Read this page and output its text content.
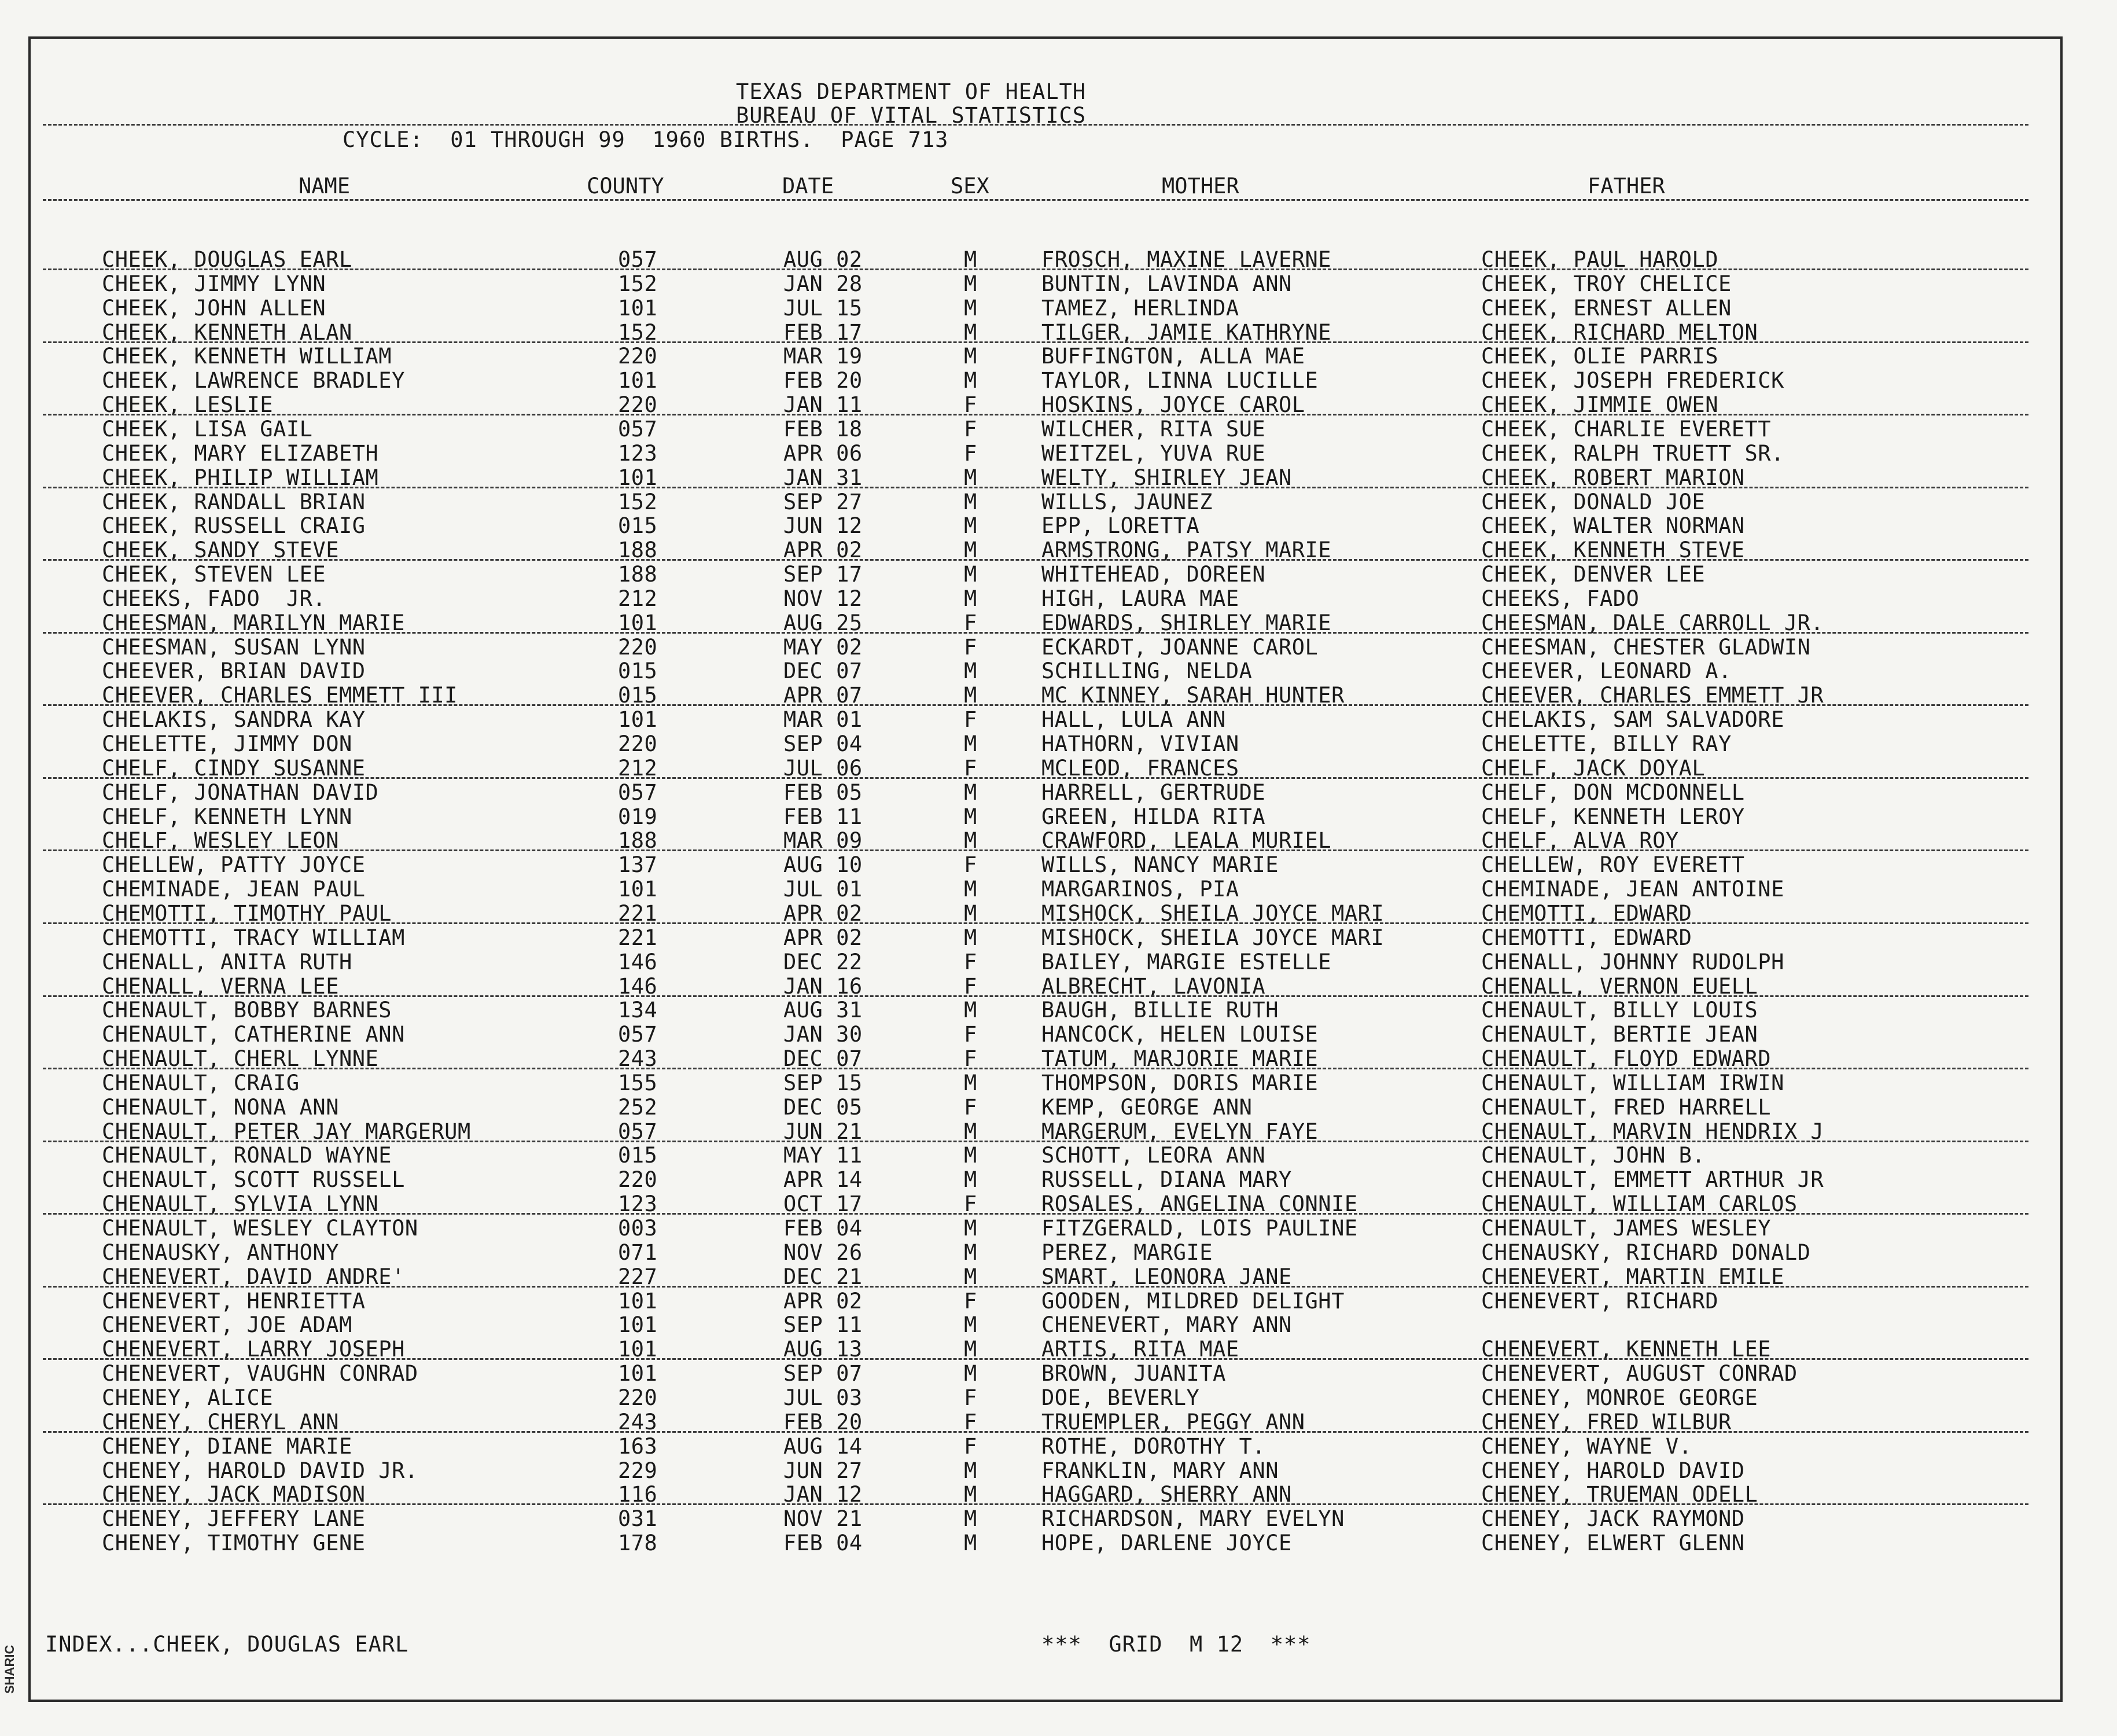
SHARIC
TEXAS DEPARTMENT OF HEALTH
BUREAU OF VITAL STATISTICS
CYCLE:  01 THROUGH 99  1960 BIRTHS.  PAGE 713
NAME	COUNTY	DATE	SEX	MOTHER	FATHER
CHEEK, DOUGLAS EARL	057	AUG 02	M	FROSCH, MAXINE LAVERNE	CHEEK, PAUL HAROLD
CHEEK, JIMMY LYNN	152	JAN 28	M	BUNTIN, LAVINDA ANN	CHEEK, TROY CHELICE
CHEEK, JOHN ALLEN	101	JUL 15	M	TAMEZ, HERLINDA	CHEEK, ERNEST ALLEN
CHEEK, KENNETH ALAN	152	FEB 17	M	TILGER, JAMIE KATHRYNE	CHEEK, RICHARD MELTON
CHEEK, KENNETH WILLIAM	220	MAR 19	M	BUFFINGTON, ALLA MAE	CHEEK, OLIE PARRIS
CHEEK, LAWRENCE BRADLEY	101	FEB 20	M	TAYLOR, LINNA LUCILLE	CHEEK, JOSEPH FREDERICK
CHEEK, LESLIE	220	JAN 11	F	HOSKINS, JOYCE CAROL	CHEEK, JIMMIE OWEN
CHEEK, LISA GAIL	057	FEB 18	F	WILCHER, RITA SUE	CHEEK, CHARLIE EVERETT
CHEEK, MARY ELIZABETH	123	APR 06	F	WEITZEL, YUVA RUE	CHEEK, RALPH TRUETT SR.
CHEEK, PHILIP WILLIAM	101	JAN 31	M	WELTY, SHIRLEY JEAN	CHEEK, ROBERT MARION
CHEEK, RANDALL BRIAN	152	SEP 27	M	WILLS, JAUNEZ	CHEEK, DONALD JOE
CHEEK, RUSSELL CRAIG	015	JUN 12	M	EPP, LORETTA	CHEEK, WALTER NORMAN
CHEEK, SANDY STEVE	188	APR 02	M	ARMSTRONG, PATSY MARIE	CHEEK, KENNETH STEVE
CHEEK, STEVEN LEE	188	SEP 17	M	WHITEHEAD, DOREEN	CHEEK, DENVER LEE
CHEEKS, FADO  JR.	212	NOV 12	M	HIGH, LAURA MAE	CHEEKS, FADO
CHEESMAN, MARILYN MARIE	101	AUG 25	F	EDWARDS, SHIRLEY MARIE	CHEESMAN, DALE CARROLL JR.
CHEESMAN, SUSAN LYNN	220	MAY 02	F	ECKARDT, JOANNE CAROL	CHEESMAN, CHESTER GLADWIN
CHEEVER, BRIAN DAVID	015	DEC 07	M	SCHILLING, NELDA	CHEEVER, LEONARD A.
CHEEVER, CHARLES EMMETT III	015	APR 07	M	MC KINNEY, SARAH HUNTER	CHEEVER, CHARLES EMMETT JR
CHELAKIS, SANDRA KAY	101	MAR 01	F	HALL, LULA ANN	CHELAKIS, SAM SALVADORE
CHELETTE, JIMMY DON	220	SEP 04	M	HATHORN, VIVIAN	CHELETTE, BILLY RAY
CHELF, CINDY SUSANNE	212	JUL 06	F	MCLEOD, FRANCES	CHELF, JACK DOYAL
CHELF, JONATHAN DAVID	057	FEB 05	M	HARRELL, GERTRUDE	CHELF, DON MCDONNELL
CHELF, KENNETH LYNN	019	FEB 11	M	GREEN, HILDA RITA	CHELF, KENNETH LEROY
CHELF, WESLEY LEON	188	MAR 09	M	CRAWFORD, LEALA MURIEL	CHELF, ALVA ROY
CHELLEW, PATTY JOYCE	137	AUG 10	F	WILLS, NANCY MARIE	CHELLEW, ROY EVERETT
CHEMINADE, JEAN PAUL	101	JUL 01	M	MARGARINOS, PIA	CHEMINADE, JEAN ANTOINE
CHEMOTTI, TIMOTHY PAUL	221	APR 02	M	MISHOCK, SHEILA JOYCE MARI	CHEMOTTI, EDWARD
CHEMOTTI, TRACY WILLIAM	221	APR 02	M	MISHOCK, SHEILA JOYCE MARI	CHEMOTTI, EDWARD
CHENALL, ANITA RUTH	146	DEC 22	F	BAILEY, MARGIE ESTELLE	CHENALL, JOHNNY RUDOLPH
CHENALL, VERNA LEE	146	JAN 16	F	ALBRECHT, LAVONIA	CHENALL, VERNON EUELL
CHENAULT, BOBBY BARNES	134	AUG 31	M	BAUGH, BILLIE RUTH	CHENAULT, BILLY LOUIS
CHENAULT, CATHERINE ANN	057	JAN 30	F	HANCOCK, HELEN LOUISE	CHENAULT, BERTIE JEAN
CHENAULT, CHERL LYNNE	243	DEC 07	F	TATUM, MARJORIE MARIE	CHENAULT, FLOYD EDWARD
CHENAULT, CRAIG	155	SEP 15	M	THOMPSON, DORIS MARIE	CHENAULT, WILLIAM IRWIN
CHENAULT, NONA ANN	252	DEC 05	F	KEMP, GEORGE ANN	CHENAULT, FRED HARRELL
CHENAULT, PETER JAY MARGERUM	057	JUN 21	M	MARGERUM, EVELYN FAYE	CHENAULT, MARVIN HENDRIX J
CHENAULT, RONALD WAYNE	015	MAY 11	M	SCHOTT, LEORA ANN	CHENAULT, JOHN B.
CHENAULT, SCOTT RUSSELL	220	APR 14	M	RUSSELL, DIANA MARY	CHENAULT, EMMETT ARTHUR JR
CHENAULT, SYLVIA LYNN	123	OCT 17	F	ROSALES, ANGELINA CONNIE	CHENAULT, WILLIAM CARLOS
CHENAULT, WESLEY CLAYTON	003	FEB 04	M	FITZGERALD, LOIS PAULINE	CHENAULT, JAMES WESLEY
CHENAUSKY, ANTHONY	071	NOV 26	M	PEREZ, MARGIE	CHENAUSKY, RICHARD DONALD
CHENEVERT, DAVID ANDRE'	227	DEC 21	M	SMART, LEONORA JANE	CHENEVERT, MARTIN EMILE
CHENEVERT, HENRIETTA	101	APR 02	F	GOODEN, MILDRED DELIGHT	CHENEVERT, RICHARD
CHENEVERT, JOE ADAM	101	SEP 11	M	CHENEVERT, MARY ANN
CHENEVERT, LARRY JOSEPH	101	AUG 13	M	ARTIS, RITA MAE	CHENEVERT, KENNETH LEE
CHENEVERT, VAUGHN CONRAD	101	SEP 07	M	BROWN, JUANITA	CHENEVERT, AUGUST CONRAD
CHENEY, ALICE	220	JUL 03	F	DOE, BEVERLY	CHENEY, MONROE GEORGE
CHENEY, CHERYL ANN	243	FEB 20	F	TRUEMPLER, PEGGY ANN	CHENEY, FRED WILBUR
CHENEY, DIANE MARIE	163	AUG 14	F	ROTHE, DOROTHY T.	CHENEY, WAYNE V.
CHENEY, HAROLD DAVID JR.	229	JUN 27	M	FRANKLIN, MARY ANN	CHENEY, HAROLD DAVID
CHENEY, JACK MADISON	116	JAN 12	M	HAGGARD, SHERRY ANN	CHENEY, TRUEMAN ODELL
CHENEY, JEFFERY LANE	031	NOV 21	M	RICHARDSON, MARY EVELYN	CHENEY, JACK RAYMOND
CHENEY, TIMOTHY GENE	178	FEB 04	M	HOPE, DARLENE JOYCE	CHENEY, ELWERT GLENN
INDEX...CHEEK, DOUGLAS EARL	***  GRID  M 12  ***
